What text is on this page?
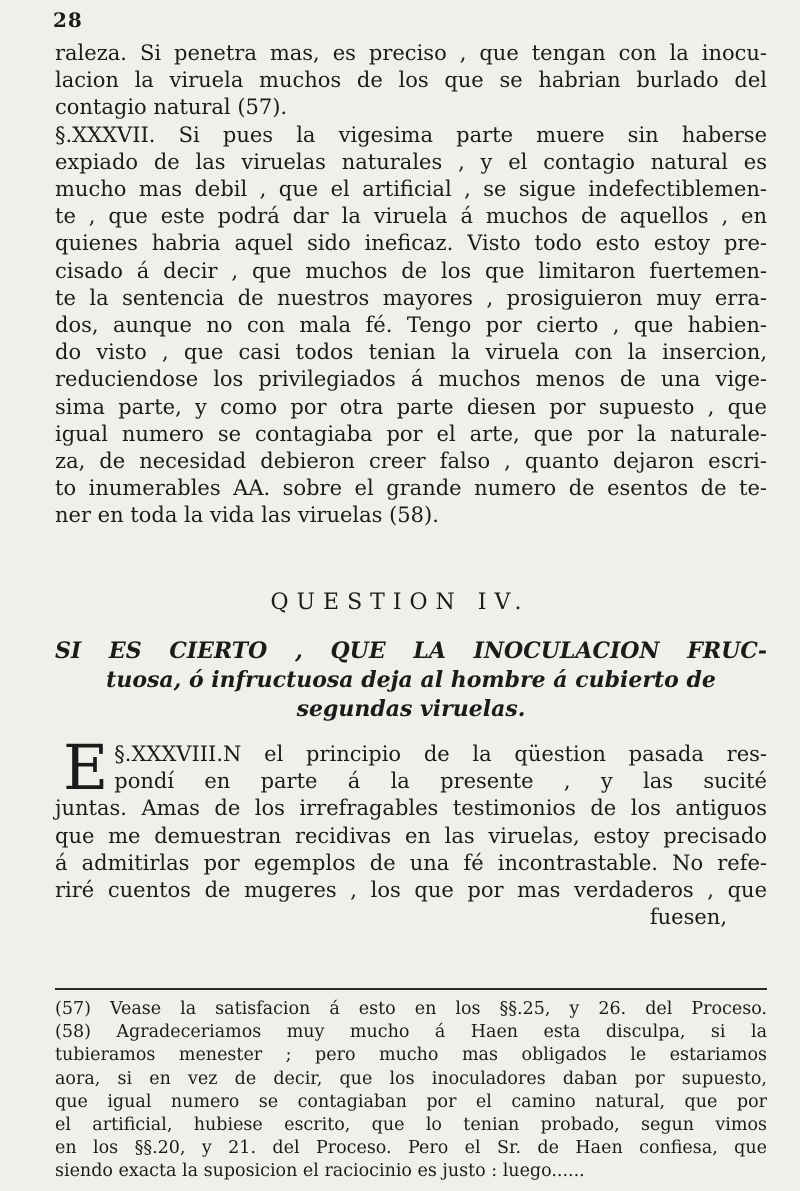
28

raleza. Si penetra mas, es preciso , que tengan con la inocu-

lacion la viruela muchos de los que se habrian burlado del

contagio natural (57).

§.XXXVII. Si pues la vigesima parte muere sin haberse

expiado de las viruelas naturales , y el contagio natural es

mucho mas debil , que el artificial , se sigue indefectiblemen-

te , que este podrá dar la viruela á muchos de aquellos , en

quienes habria aquel sido ineficaz. Visto todo esto estoy pre-

cisado á decir , que muchos de los que limitaron fuertemen-

te la sentencia de nuestros mayores , prosiguieron muy erra-

dos, aunque no con mala fé. Tengo por cierto , que habien-

do visto , que casi todos tenian la viruela con la insercion,

reduciendose los privilegiados á muchos menos de una vige-

sima parte, y como por otra parte diesen por supuesto , que

igual numero se contagiaba por el arte, que por la naturale-

za, de necesidad debieron creer falso , quanto dejaron escri-

to inumerables AA. sobre el grande numero de esentos de te-

ner en toda la vida las viruelas (58).

QUESTION IV.
SI ES CIERTO , QUE LA INOCULACION FRUC-
tuosa, ó infructuosa deja al hombre á cubierto de
segundas viruelas.

§.XXXVIII.
E	N el principio de la qüestion pasada res-

pondí en parte á la presente , y las sucité

juntas. Amas de los irrefragables testimonios de los antiguos

que me demuestran recidivas en las viruelas, estoy precisado

á admitirlas por egemplos de una fé incontrastable. No refe-

riré cuentos de mugeres , los que por mas verdaderos , que

fuesen,

(57) Vease la satisfacion á esto en los §§.25, y 26. del Proceso.

(58) Agradeceriamos muy mucho á Haen esta disculpa, si la

tubieramos menester ; pero mucho mas obligados le estariamos

aora, si en vez de decir, que los inoculadores daban por supuesto,

que igual numero se contagiaban por el camino natural, que por

el artificial, hubiese escrito, que lo tenian probado, segun vimos

en los §§.20, y 21. del Proceso. Pero el Sr. de Haen confiesa, que

siendo exacta la suposicion el raciocinio es justo : luego......
